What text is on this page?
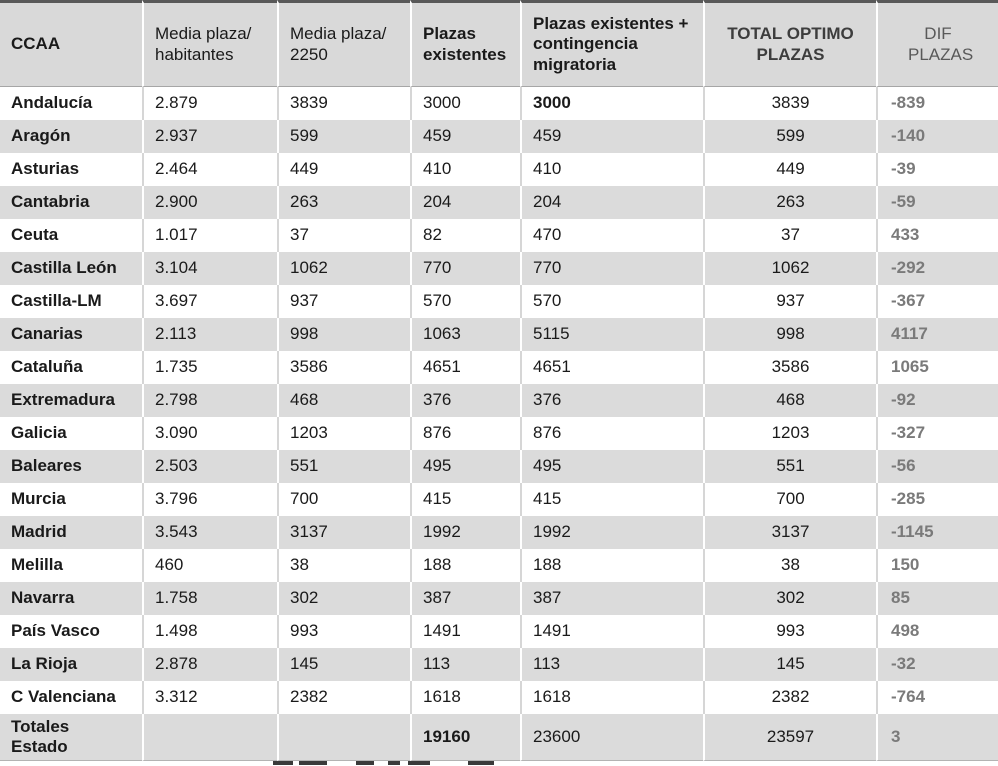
CCAA	Media plaza/ habitantes	Media plaza/ 2250	Plazas existentes	Plazas existentes + contingencia migratoria	TOTAL OPTIMO PLAZAS	DIF PLAZAS
Andalucía	2.879	3839	3000	3000	3839	-839
Aragón	2.937	599	459	459	599	-140
Asturias	2.464	449	410	410	449	-39
Cantabria	2.900	263	204	204	263	-59
Ceuta	1.017	37	82	470	37	433
Castilla León	3.104	1062	770	770	1062	-292
Castilla-LM	3.697	937	570	570	937	-367
Canarias	2.113	998	1063	5115	998	4117
Cataluña	1.735	3586	4651	4651	3586	1065
Extremadura	2.798	468	376	376	468	-92
Galicia	3.090	1203	876	876	1203	-327
Baleares	2.503	551	495	495	551	-56
Murcia	3.796	700	415	415	700	-285
Madrid	3.543	3137	1992	1992	3137	-1145
Melilla	460	38	188	188	38	150
Navarra	1.758	302	387	387	302	85
País Vasco	1.498	993	1491	1491	993	498
La Rioja	2.878	145	113	113	145	-32
C Valenciana	3.312	2382	1618	1618	2382	-764
Totales Estado			19160	23600	23597	3
